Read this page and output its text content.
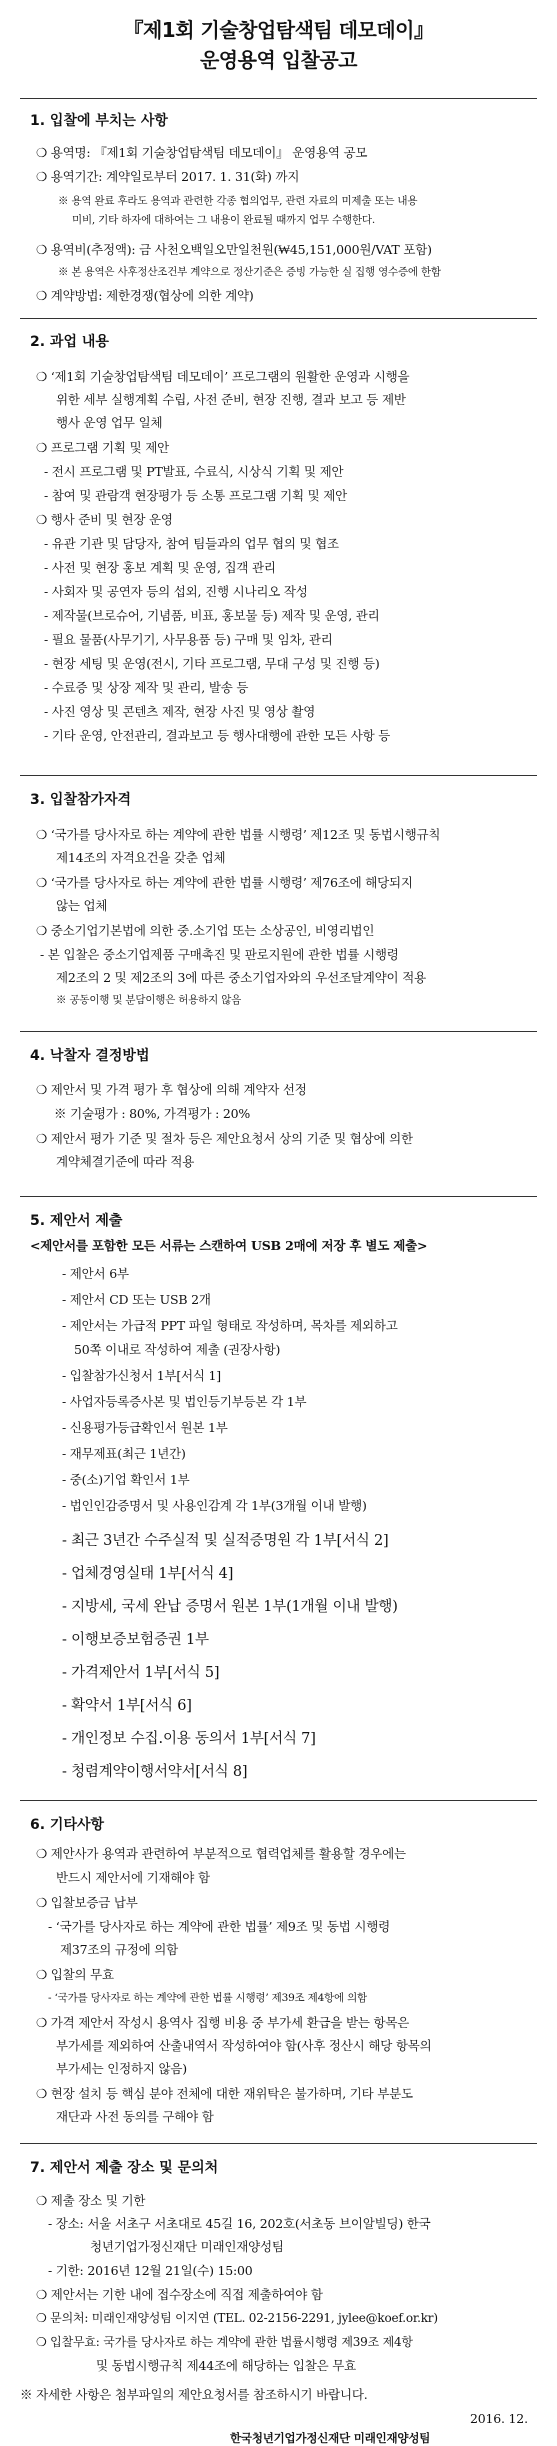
『제1회 기술창업탐색팀 데모데이』
운영용역 입찰공고
1. 입찰에 부치는 사항
❍ 용역명: 『제1회 기술창업탐색팀 데모데이』 운영용역 공모
❍ 용역기간: 계약일로부터 2017. 1. 31(화) 까지
※ 용역 완료 후라도 용역과 관련한 각종 협의업무, 관련 자료의 미제출 또는 내용
미비, 기타 하자에 대하여는 그 내용이 완료될 때까지 업무 수행한다.
❍ 용역비(추정액): 금 사천오백일오만일천원(₩45,151,000원/VAT 포함)
※ 본 용역은 사후정산조건부 계약으로 정산기준은 증빙 가능한 실 집행 영수증에 한함
❍ 계약방법: 제한경쟁(협상에 의한 계약)
2. 과업 내용
❍ ‘제1회 기술창업탐색팀 데모데이’ 프로그램의 원활한 운영과 시행을
위한 세부 실행계획 수립, 사전 준비, 현장 진행, 결과 보고 등 제반
행사 운영 업무 일체
❍ 프로그램 기획 및 제안
- 전시 프로그램 및 PT발표, 수료식, 시상식 기획 및 제안
- 참여 및 관람객 현장평가 등 소통 프로그램 기획 및 제안
❍ 행사 준비 및 현장 운영
- 유관 기관 및 담당자, 참여 팀들과의 업무 협의 및 협조
- 사전 및 현장 홍보 계획 및 운영, 집객 관리
- 사회자 및 공연자 등의 섭외, 진행 시나리오 작성
- 제작물(브로슈어, 기념품, 비표, 홍보물 등) 제작 및 운영, 관리
- 필요 물품(사무기기, 사무용품 등) 구매 및 임차, 관리
- 현장 세팅 및 운영(전시, 기타 프로그램, 무대 구성 및 진행 등)
- 수료증 및 상장 제작 및 관리, 발송 등
- 사진 영상 및 콘텐츠 제작, 현장 사진 및 영상 촬영
- 기타 운영, 안전관리, 결과보고 등 행사대행에 관한 모든 사항 등
3. 입찰참가자격
❍ ‘국가를 당사자로 하는 계약에 관한 법률 시행령’ 제12조 및 동법시행규칙
제14조의 자격요건을 갖춘 업체
❍ ‘국가를 당사자로 하는 계약에 관한 법률 시행령’ 제76조에 해당되지
않는 업체
❍ 중소기업기본법에 의한 중․소기업 또는 소상공인, 비영리법인
- 본 입찰은 중소기업제품 구매촉진 및 판로지원에 관한 법률 시행령
제2조의 2 및 제2조의 3에 따른 중소기업자와의 우선조달계약이 적용
※ 공동이행 및 분담이행은 허용하지 않음
4. 낙찰자 결정방법
❍ 제안서 및 가격 평가 후 협상에 의해 계약자 선정
※ 기술평가 : 80%, 가격평가 : 20%
❍ 제안서 평가 기준 및 절차 등은 제안요청서 상의 기준 및 협상에 의한
계약체결기준에 따라 적용
5. 제안서 제출
<제안서를 포함한 모든 서류는 스캔하여 USB 2매에 저장 후 별도 제출>
- 제안서 6부
- 제안서 CD 또는 USB 2개
- 제안서는 가급적 PPT 파일 형태로 작성하며, 목차를 제외하고
50쪽 이내로 작성하여 제출 (권장사항)
- 입찰참가신청서 1부[서식 1]
- 사업자등록증사본 및 법인등기부등본 각 1부
- 신용평가등급확인서 원본 1부
- 재무제표(최근 1년간)
- 중(소)기업 확인서 1부
- 법인인감증명서 및 사용인감계 각 1부(3개월 이내 발행)
- 최근 3년간 수주실적 및 실적증명원 각 1부[서식 2]
- 업체경영실태 1부[서식 4]
- 지방세, 국세 완납 증명서 원본 1부(1개월 이내 발행)
- 이행보증보험증권 1부
- 가격제안서 1부[서식 5]
- 확약서 1부[서식 6]
- 개인정보 수집․이용 동의서 1부[서식 7]
- 청렴계약이행서약서[서식 8]
6. 기타사항
❍ 제안사가 용역과 관련하여 부분적으로 협력업체를 활용할 경우에는
반드시 제안서에 기재해야 함
❍ 입찰보증금 납부
- ‘국가를 당사자로 하는 계약에 관한 법률’ 제9조 및 동법 시행령
제37조의 규정에 의함
❍ 입찰의 무효
- ‘국가를 당사자로 하는 계약에 관한 법률 시행령’ 제39조 제4항에 의함
❍ 가격 제안서 작성시 용역사 집행 비용 중 부가세 환급을 받는 항목은
부가세를 제외하여 산출내역서 작성하여야 함(사후 정산시 해당 항목의
부가세는 인정하지 않음)
❍ 현장 설치 등 핵심 분야 전체에 대한 재위탁은 불가하며, 기타 부분도
재단과 사전 동의를 구해야 함
7. 제안서 제출 장소 및 문의처
❍ 제출 장소 및 기한
- 장소: 서울 서초구 서초대로 45길 16, 202호(서초동 브이알빌딩) 한국
청년기업가정신재단 미래인재양성팀
- 기한: 2016년 12월 21일(수) 15:00
❍ 제안서는 기한 내에 접수장소에 직접 제출하여야 함
❍ 문의처: 미래인재양성팀 이지연 (TEL. 02-2156-2291, jylee@koef.or.kr)
❍ 입찰무효: 국가를 당사자로 하는 계약에 관한 법률시행령 제39조 제4항
및 동법시행규칙 제44조에 해당하는 입찰은 무효
※ 자세한 사항은 첨부파일의 제안요청서를 참조하시기 바랍니다.
2016. 12.
한국청년기업가정신재단 미래인재양성팀
